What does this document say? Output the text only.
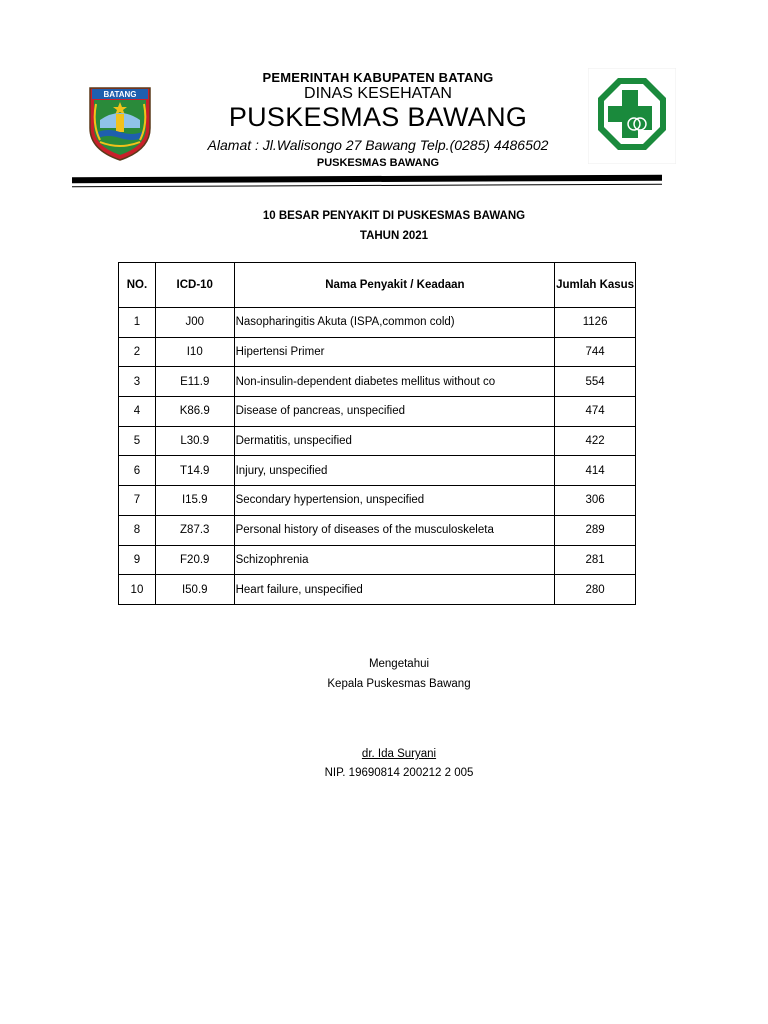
BATANG
PEMERINTAH KABUPATEN BATANG
DINAS KESEHATAN
PUSKESMAS BAWANG
Alamat : Jl.Walisongo 27 Bawang Telp.(0285) 4486502
PUSKESMAS BAWANG
10 BESAR PENYAKIT DI PUSKESMAS BAWANG
TAHUN 2021
NO.	ICD-10	Nama Penyakit / Keadaan	Jumlah Kasus
1	J00	Nasopharingitis Akuta (ISPA,common cold)	1126
2	I10	Hipertensi Primer	744
3	E11.9	Non-insulin-dependent diabetes mellitus without co	554
4	K86.9	Disease of pancreas, unspecified	474
5	L30.9	Dermatitis, unspecified	422
6	T14.9	Injury, unspecified	414
7	I15.9	Secondary hypertension, unspecified	306
8	Z87.3	Personal history of diseases of the musculoskeleta	289
9	F20.9	Schizophrenia	281
10	I50.9	Heart failure, unspecified	280
Mengetahui
Kepala Puskesmas Bawang
dr. Ida Suryani
NIP. 19690814 200212 2 005
